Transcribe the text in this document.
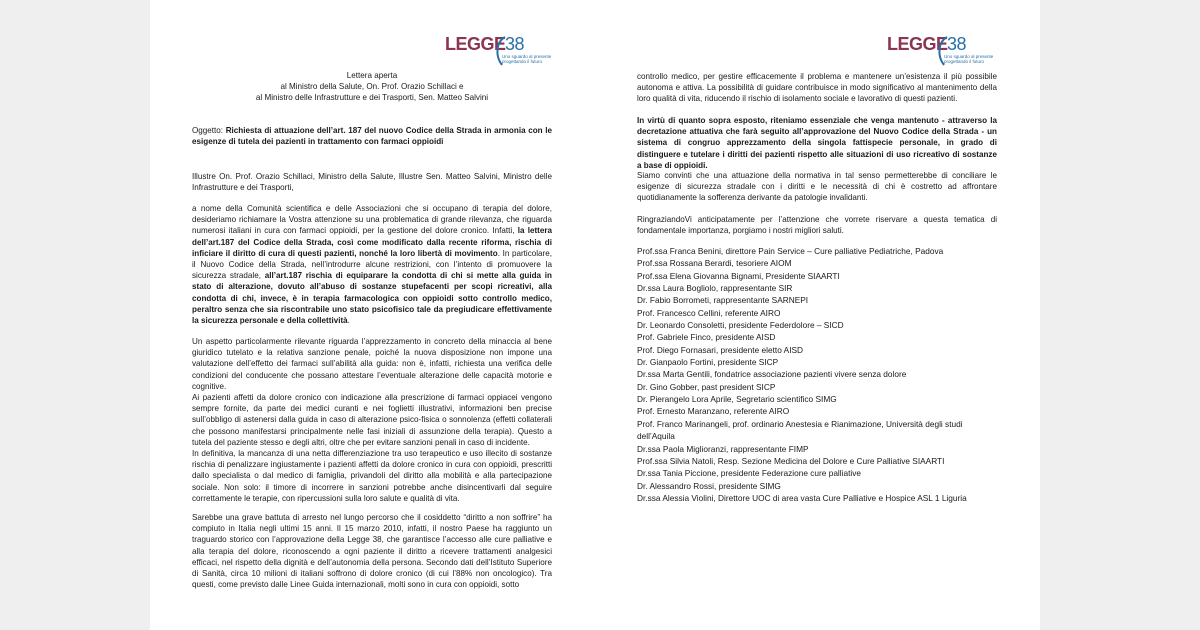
LEGGE 38
Uno sguardo al presente
progettando il futuro
Lettera aperta
al Ministro della Salute, On. Prof. Orazio Schillaci e
al Ministro delle Infrastrutture e dei Trasporti, Sen. Matteo Salvini
Oggetto: Richiesta di attuazione dell’art. 187 del nuovo Codice della Strada in armonia con le esigenze di tutela dei pazienti in trattamento con farmaci oppioidi
Illustre On. Prof. Orazio Schillaci, Ministro della Salute, Illustre Sen. Matteo Salvini, Ministro delle Infrastrutture e dei Trasporti,
a nome della Comunità scientifica e delle Associazioni che si occupano di terapia del dolore, desideriamo richiamare la Vostra attenzione su una problematica di grande rilevanza, che riguarda numerosi italiani in cura con farmaci oppioidi, per la gestione del dolore cronico. Infatti, la lettera dell’art.187 del Codice della Strada, così come modificato dalla recente riforma, rischia di inficiare il diritto di cura di questi pazienti, nonché la loro libertà di movimento. In particolare, il Nuovo Codice della Strada, nell’introdurre alcune restrizioni, con l’intento di promuovere la sicurezza stradale, all’art.187 rischia di equiparare la condotta di chi si mette alla guida in stato di alterazione, dovuto all’abuso di sostanze stupefacenti per scopi ricreativi, alla condotta di chi, invece, è in terapia farmacologica con oppioidi sotto controllo medico, peraltro senza che sia riscontrabile uno stato psicofisico tale da pregiudicare effettivamente la sicurezza personale e della collettività.

Un aspetto particolarmente rilevante riguarda l’apprezzamento in concreto della minaccia al bene giuridico tutelato e la relativa sanzione penale, poiché la nuova disposizione non impone una valutazione dell’effetto dei farmaci sull’abilità alla guida: non è, infatti, richiesta una verifica delle condizioni del conducente che possano attestare l’eventuale alterazione delle capacità motorie e cognitive.

Ai pazienti affetti da dolore cronico con indicazione alla prescrizione di farmaci oppiacei vengono sempre fornite, da parte dei medici curanti e nei foglietti illustrativi, informazioni ben precise sull’obbligo di astenersi dalla guida in caso di alterazione psico-fisica o sonnolenza (effetti collaterali che possono manifestarsi principalmente nelle fasi iniziali di assunzione della terapia). Questo a tutela del paziente stesso e degli altri, oltre che per evitare sanzioni penali in caso di incidente.

In definitiva, la mancanza di una netta differenziazione tra uso terapeutico e uso illecito di sostanze rischia di penalizzare ingiustamente i pazienti affetti da dolore cronico in cura con oppioidi, prescritti dallo specialista o dal medico di famiglia, privandoli del diritto alla mobilità e alla partecipazione sociale. Non solo: il timore di incorrere in sanzioni potrebbe anche disincentivarli dal seguire correttamente le terapie, con ripercussioni sulla loro salute e qualità di vita.

Sarebbe una grave battuta di arresto nel lungo percorso che il cosiddetto “diritto a non soffrire” ha compiuto in Italia negli ultimi 15 anni. Il 15 marzo 2010, infatti, il nostro Paese ha raggiunto un traguardo storico con l’approvazione della Legge 38, che garantisce l’accesso alle cure palliative e alla terapia del dolore, riconoscendo a ogni paziente il diritto a ricevere trattamenti analgesici efficaci, nel rispetto della dignità e dell’autonomia della persona. Secondo dati dell’Istituto Superiore di Sanità, circa 10 milioni di italiani soffrono di dolore cronico (di cui l’88% non oncologico). Tra questi, come previsto dalle Linee Guida internazionali, molti sono in cura con oppioidi, sotto
LEGGE 38
Uno sguardo al presente
progettando il futuro
controllo medico, per gestire efficacemente il problema e mantenere un’esistenza il più possibile autonoma e attiva. La possibilità di guidare contribuisce in modo significativo al mantenimento della loro qualità di vita, riducendo il rischio di isolamento sociale e lavorativo di questi pazienti.
In virtù di quanto sopra esposto, riteniamo essenziale che venga mantenuto - attraverso la decretazione attuativa che farà seguito all’approvazione del Nuovo Codice della Strada - un sistema di congruo apprezzamento della singola fattispecie personale, in grado di distinguere e tutelare i diritti dei pazienti rispetto alle situazioni di uso ricreativo di sostanze a base di oppioidi.
Siamo convinti che una attuazione della normativa in tal senso permetterebbe di conciliare le esigenze di sicurezza stradale con i diritti e le necessità di chi è costretto ad affrontare quotidianamente la sofferenza derivante da patologie invalidanti.
RingraziandoVi anticipatamente per l’attenzione che vorrete riservare a questa tematica di fondamentale importanza, porgiamo i nostri migliori saluti.
Prof.ssa Franca Benini, direttore Pain Service – Cure palliative Pediatriche, Padova
Prof.ssa Rossana Berardi, tesoriere AIOM
Prof.ssa Elena Giovanna Bignami, Presidente SIAARTI
Dr.ssa Laura Bogliolo, rappresentante SIR
Dr. Fabio Borrometi, rappresentante SARNEPI
Prof. Francesco Cellini, referente AIRO
Dr. Leonardo Consoletti, presidente Federdolore – SICD
Prof. Gabriele Finco, presidente AISD
Prof. Diego Fornasari, presidente eletto AISD
Dr. Gianpaolo Fortini, presidente SICP
Dr.ssa Marta Gentili, fondatrice associazione pazienti vivere senza dolore
Dr. Gino Gobber, past president SICP
Dr. Pierangelo Lora Aprile, Segretario scientifico SIMG
Prof. Ernesto Maranzano, referente AIRO
Prof. Franco Marinangeli, prof. ordinario Anestesia e Rianimazione, Università degli studi dell’Aquila
Dr.ssa Paola Miglioranzi, rappresentante FIMP
Prof.ssa Silvia Natoli, Resp. Sezione Medicina del Dolore e Cure Palliative SIAARTI
Dr.ssa Tania Piccione, presidente Federazione cure palliative
Dr. Alessandro Rossi, presidente SIMG
Dr.ssa Alessia Violini, Direttore UOC di area vasta Cure Palliative e Hospice ASL 1 Liguria
